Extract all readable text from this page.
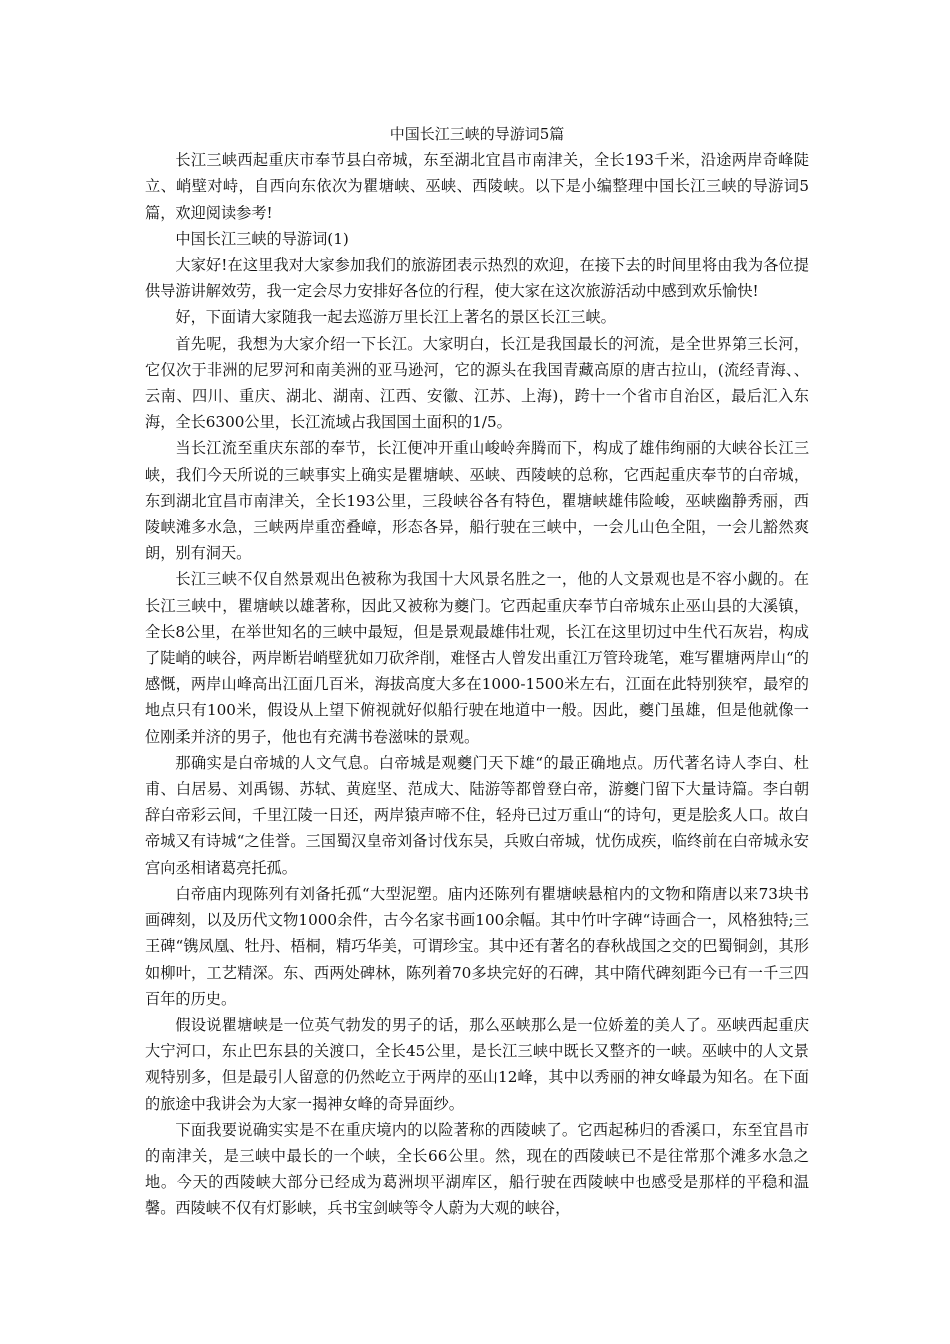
中国长江三峡的导游词5篇

长江三峡西起重庆市奉节县白帝城，东至湖北宜昌市南津关，全长193千米，沿途两岸奇峰陡立、峭壁对峙，自西向东依次为瞿塘峡、巫峡、西陵峡。以下是小编整理中国长江三峡的导游词5篇，欢迎阅读参考!

中国长江三峡的导游词(1)

大家好!在这里我对大家参加我们的旅游团表示热烈的欢迎，在接下去的时间里将由我为各位提供导游讲解效劳，我一定会尽力安排好各位的行程，使大家在这次旅游活动中感到欢乐愉快!

好，下面请大家随我一起去巡游万里长江上著名的景区长江三峡。

首先呢，我想为大家介绍一下长江。大家明白，长江是我国最长的河流，是全世界第三长河，它仅次于非洲的尼罗河和南美洲的亚马逊河，它的源头在我国青藏高原的唐古拉山，(流经青海、、云南、四川、重庆、湖北、湖南、江西、安徽、江苏、上海)，跨十一个省市自治区，最后汇入东海，全长6300公里，长江流域占我国国土面积的1/5。

当长江流至重庆东部的奉节，长江便冲开重山峻岭奔腾而下，构成了雄伟绚丽的大峡谷长江三峡，我们今天所说的三峡事实上确实是瞿塘峡、巫峡、西陵峡的总称，它西起重庆奉节的白帝城，东到湖北宜昌市南津关，全长193公里，三段峡谷各有特色，瞿塘峡雄伟险峻，巫峡幽静秀丽，西陵峡滩多水急，三峡两岸重峦叠嶂，形态各异，船行驶在三峡中，一会儿山色全阻，一会儿豁然爽朗，别有洞天。

长江三峡不仅自然景观出色被称为我国十大风景名胜之一，他的人文景观也是不容小觑的。在长江三峡中，瞿塘峡以雄著称，因此又被称为夔门。它西起重庆奉节白帝城东止巫山县的大溪镇，全长8公里，在举世知名的三峡中最短，但是景观最雄伟壮观，长江在这里切过中生代石灰岩，构成了陡峭的峡谷，两岸断岩峭壁犹如刀砍斧削，难怪古人曾发出重江万管玲珑笔，难写瞿塘两岸山“的感慨，两岸山峰高出江面几百米，海拔高度大多在1000-1500米左右，江面在此特别狭窄，最窄的地点只有100米，假设从上望下俯视就好似船行驶在地道中一般。因此，夔门虽雄，但是他就像一位刚柔并济的男子，他也有充满书卷滋味的景观。

那确实是白帝城的人文气息。白帝城是观夔门天下雄“的最正确地点。历代著名诗人李白、杜甫、白居易、刘禹锡、苏轼、黄庭坚、范成大、陆游等都曾登白帝，游夔门留下大量诗篇。李白朝辞白帝彩云间，千里江陵一日还，两岸猿声啼不住，轻舟已过万重山“的诗句，更是脍炙人口。故白帝城又有诗城“之佳誉。三国蜀汉皇帝刘备讨伐东吴，兵败白帝城，忧伤成疾，临终前在白帝城永安宫向丞相诸葛亮托孤。

白帝庙内现陈列有刘备托孤“大型泥塑。庙内还陈列有瞿塘峡悬棺内的文物和隋唐以来73块书画碑刻，以及历代文物1000余件，古今名家书画100余幅。其中竹叶字碑“诗画合一，风格独特;三王碑“镌凤凰、牡丹、梧桐，精巧华美，可谓珍宝。其中还有著名的春秋战国之交的巴蜀铜剑，其形如柳叶，工艺精深。东、西两处碑林，陈列着70多块完好的石碑，其中隋代碑刻距今已有一千三四百年的历史。

假设说瞿塘峡是一位英气勃发的男子的话，那么巫峡那么是一位娇羞的美人了。巫峡西起重庆大宁河口，东止巴东县的关渡口，全长45公里，是长江三峡中既长又整齐的一峡。巫峡中的人文景观特别多，但是最引人留意的仍然屹立于两岸的巫山12峰，其中以秀丽的神女峰最为知名。在下面的旅途中我讲会为大家一揭神女峰的奇异面纱。

下面我要说确实实是不在重庆境内的以险著称的西陵峡了。它西起秭归的香溪口，东至宜昌市的南津关，是三峡中最长的一个峡，全长66公里。然，现在的西陵峡已不是往常那个滩多水急之地。今天的西陵峡大部分已经成为葛洲坝平湖库区，船行驶在西陵峡中也感受是那样的平稳和温馨。西陵峡不仅有灯影峡，兵书宝剑峡等令人蔚为大观的峡谷，
